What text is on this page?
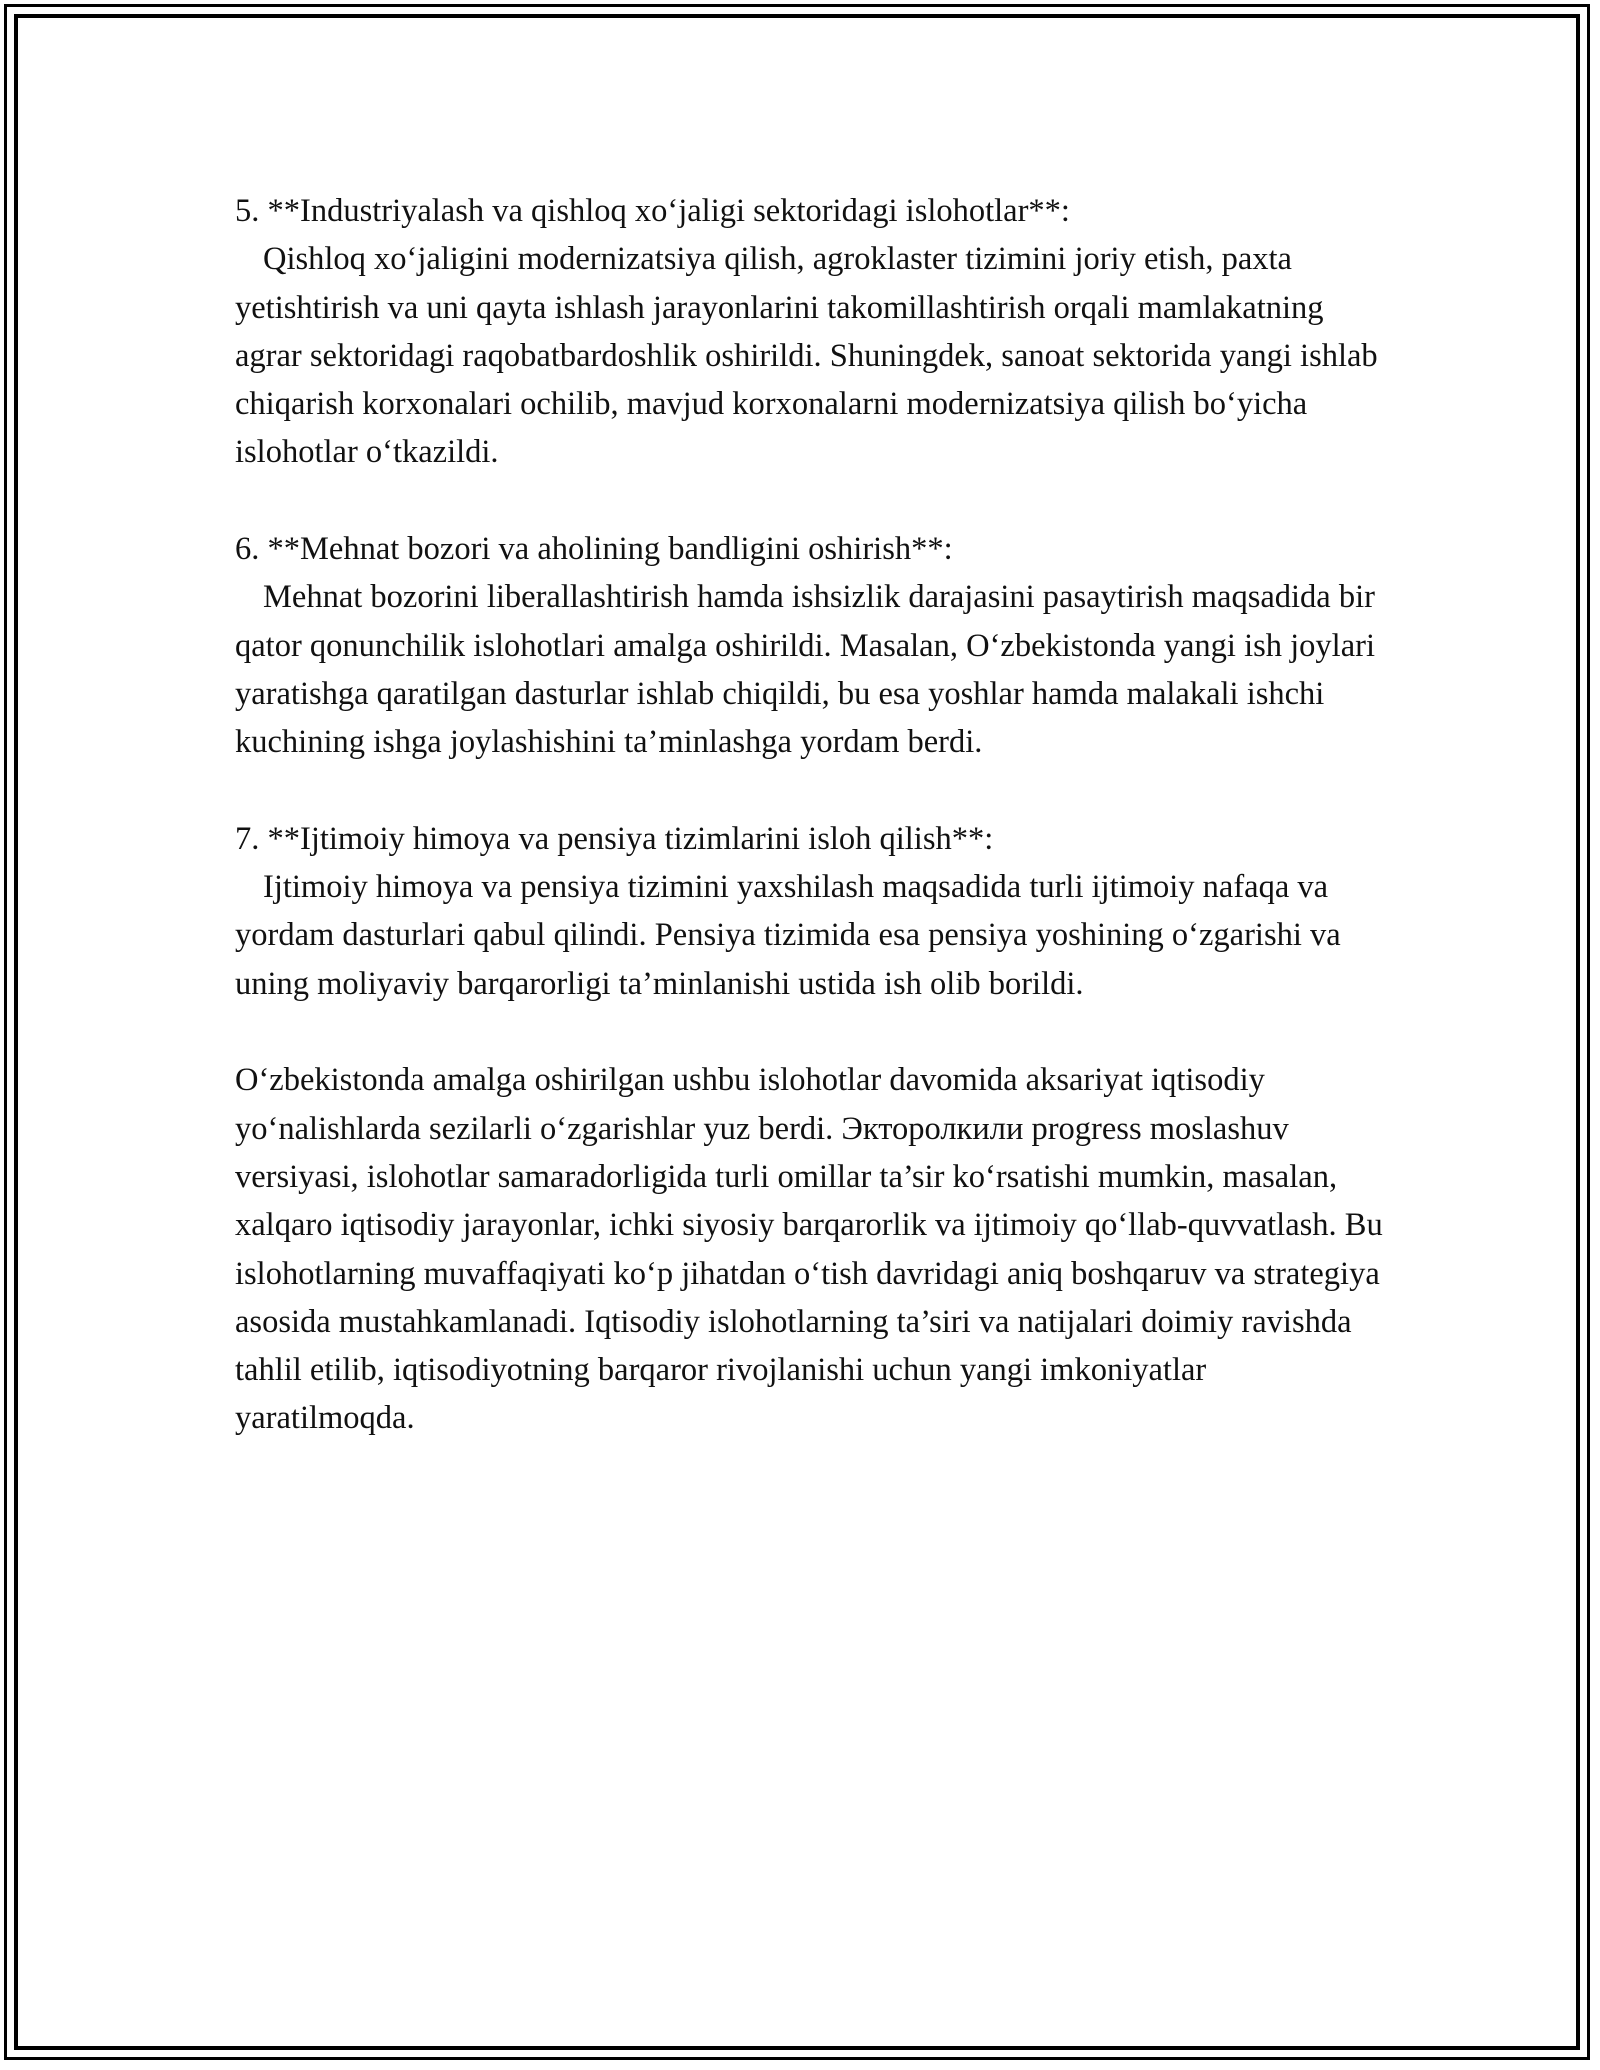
5. **Industriyalash va qishloq xo‘jaligi sektoridagi islohotlar**:
Qishloq xo‘jaligini modernizatsiya qilish, agroklaster tizimini joriy etish, paxta yetishtirish va uni qayta ishlash jarayonlarini takomillashtirish orqali mamlakatning agrar sektoridagi raqobatbardoshlik oshirildi. Shuningdek, sanoat sektorida yangi ishlab chiqarish korxonalari ochilib, mavjud korxonalarni modernizatsiya qilish bo‘yicha islohotlar o‘tkazildi.
6. **Mehnat bozori va aholining bandligini oshirish**:
Mehnat bozorini liberallashtirish hamda ishsizlik darajasini pasaytirish maqsadida bir qator qonunchilik islohotlari amalga oshirildi. Masalan, O‘zbekistonda yangi ish joylari yaratishga qaratilgan dasturlar ishlab chiqildi, bu esa yoshlar hamda malakali ishchi kuchining ishga joylashishini ta’minlashga yordam berdi.
7. **Ijtimoiy himoya va pensiya tizimlarini isloh qilish**:
Ijtimoiy himoya va pensiya tizimini yaxshilash maqsadida turli ijtimoiy nafaqa va yordam dasturlari qabul qilindi. Pensiya tizimida esa pensiya yoshining o‘zgarishi va uning moliyaviy barqarorligi ta’minlanishi ustida ish olib borildi.

O‘zbekistonda amalga oshirilgan ushbu islohotlar davomida aksariyat iqtisodiy yo‘nalishlarda sezilarli o‘zgarishlar yuz berdi. Экторолкили progress moslashuv versiyasi, islohotlar samaradorligida turli omillar ta’sir ko‘rsatishi mumkin, masalan, xalqaro iqtisodiy jarayonlar, ichki siyosiy barqarorlik va ijtimoiy qo‘llab-quvvatlash. Bu islohotlarning muvaffaqiyati ko‘p jihatdan o‘tish davridagi aniq boshqaruv va strategiya asosida mustahkamlanadi. Iqtisodiy islohotlarning ta’siri va natijalari doimiy ravishda tahlil etilib, iqtisodiyotning barqaror rivojlanishi uchun yangi imkoniyatlar yaratilmoqda.
